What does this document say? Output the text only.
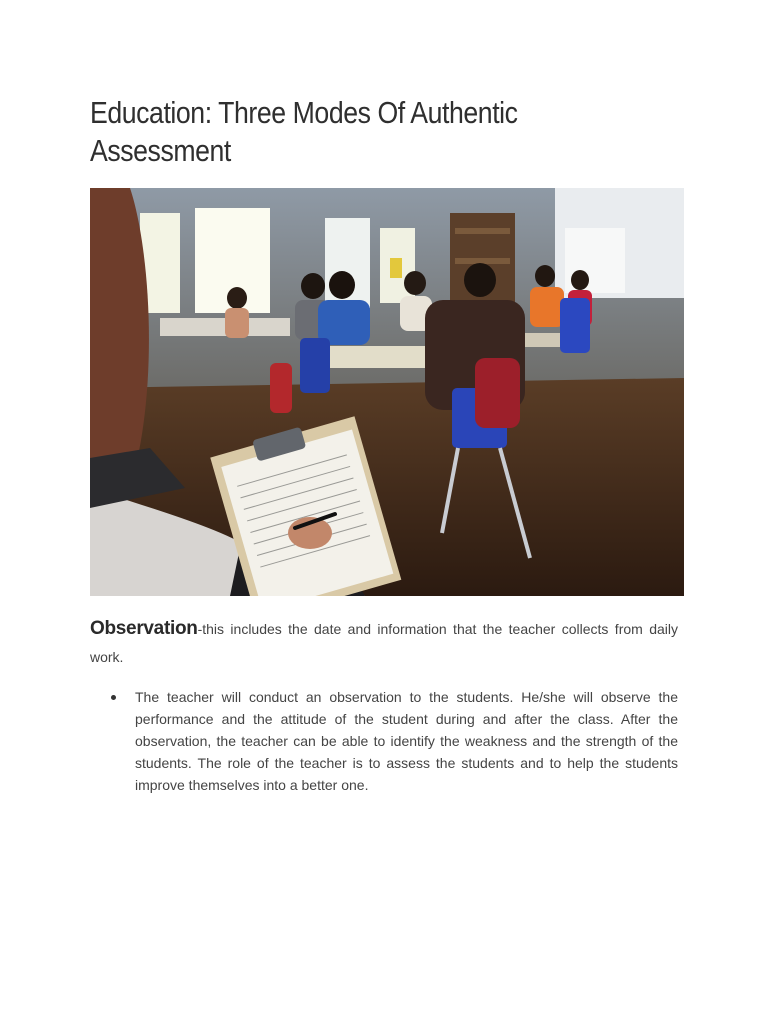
Education: Three Modes Of Authentic Assessment

Observation-this includes the date and information that the teacher collects from daily work.

The teacher will conduct an observation to the students. He/she will observe the performance and the attitude of the student during and after the class. After the observation, the teacher can be able to identify the weakness and the strength of the students. The role of the teacher is to assess the students and to help the students improve themselves into a better one.
